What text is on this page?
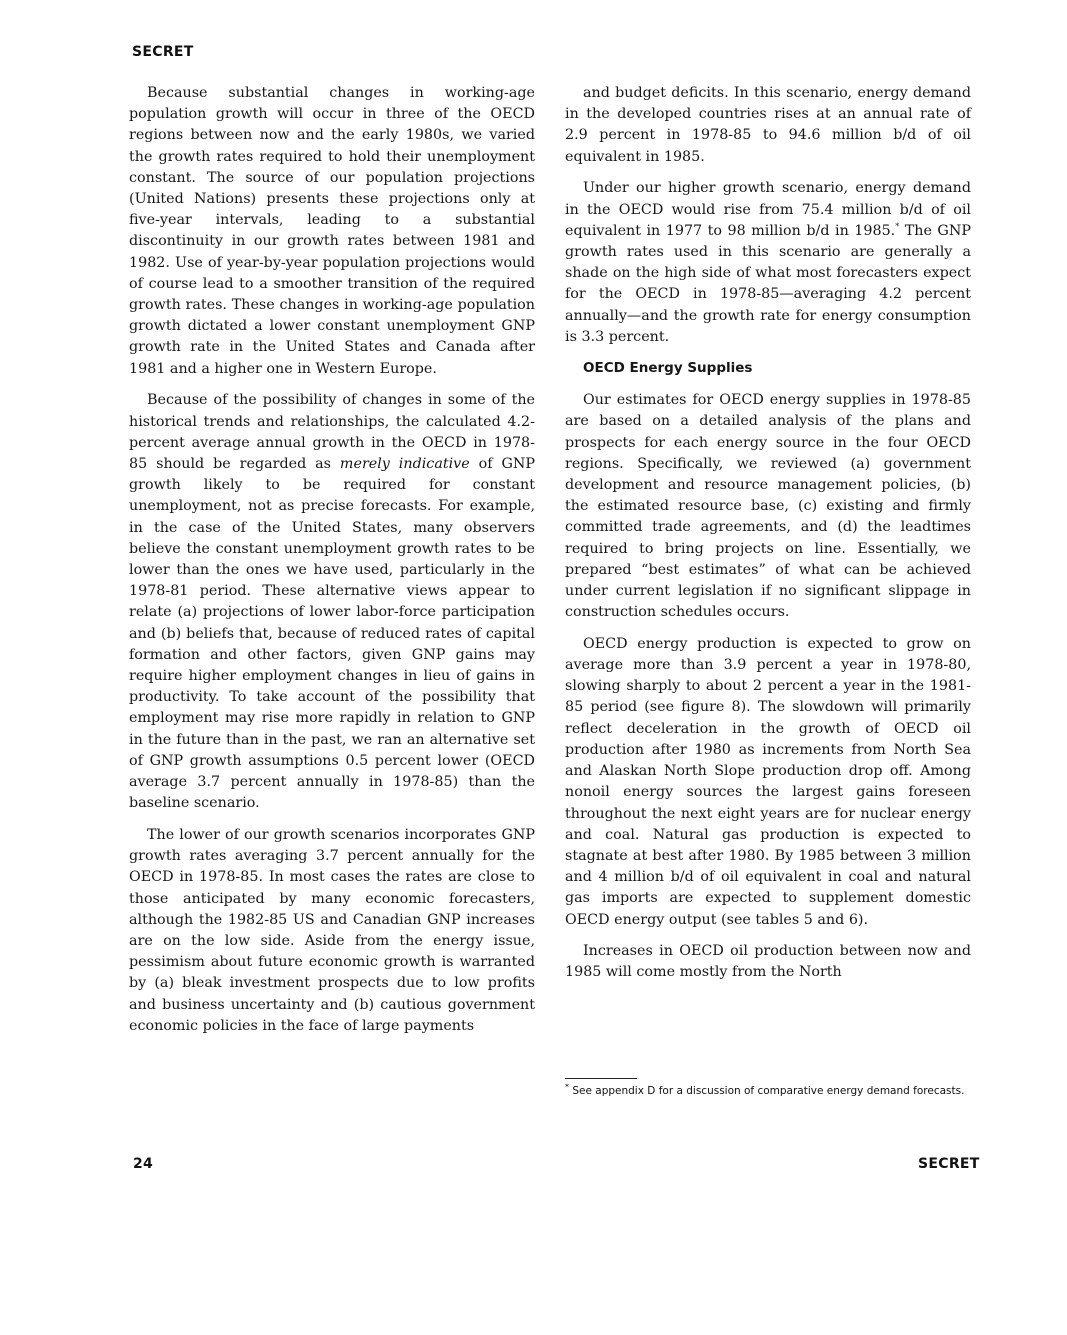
SECRET

Because substantial changes in working-age population growth will occur in three of the OECD regions between now and the early 1980s, we varied the growth rates required to hold their unemployment constant. The source of our population projections (United Nations) presents these projections only at five-year intervals, leading to a substantial discontinuity in our growth rates between 1981 and 1982. Use of year-by-year population projections would of course lead to a smoother transition of the required growth rates. These changes in working-age population growth dictated a lower constant unemployment GNP growth rate in the United States and Canada after 1981 and a higher one in Western Europe.

Because of the possibility of changes in some of the historical trends and relationships, the calculated 4.2-percent average annual growth in the OECD in 1978-85 should be regarded as merely indicative of GNP growth likely to be required for constant unemployment, not as precise forecasts. For example, in the case of the United States, many observers believe the constant unemployment growth rates to be lower than the ones we have used, particularly in the 1978-81 period. These alternative views appear to relate (a) projections of lower labor-force participation and (b) beliefs that, because of reduced rates of capital formation and other factors, given GNP gains may require higher employment changes in lieu of gains in productivity. To take account of the possibility that employment may rise more rapidly in relation to GNP in the future than in the past, we ran an alternative set of GNP growth assumptions 0.5 percent lower (OECD average 3.7 percent annually in 1978-85) than the baseline scenario.

The lower of our growth scenarios incorporates GNP growth rates averaging 3.7 percent annually for the OECD in 1978-85. In most cases the rates are close to those anticipated by many economic forecasters, although the 1982-85 US and Canadian GNP increases are on the low side. Aside from the energy issue, pessimism about future economic growth is warranted by (a) bleak investment prospects due to low profits and business uncertainty and (b) cautious government economic policies in the face of large payments

and budget deficits. In this scenario, energy demand in the developed countries rises at an annual rate of 2.9 percent in 1978-85 to 94.6 million b/d of oil equivalent in 1985.

Under our higher growth scenario, energy demand in the OECD would rise from 75.4 million b/d of oil equivalent in 1977 to 98 million b/d in 1985.* The GNP growth rates used in this scenario are generally a shade on the high side of what most forecasters expect for the OECD in 1978-85—averaging 4.2 percent annually—and the growth rate for energy consumption is 3.3 percent.

OECD Energy Supplies

Our estimates for OECD energy supplies in 1978-85 are based on a detailed analysis of the plans and prospects for each energy source in the four OECD regions. Specifically, we reviewed (a) government development and resource management policies, (b) the estimated resource base, (c) existing and firmly committed trade agreements, and (d) the leadtimes required to bring projects on line. Essentially, we prepared “best estimates” of what can be achieved under current legislation if no significant slippage in construction schedules occurs.

OECD energy production is expected to grow on average more than 3.9 percent a year in 1978-80, slowing sharply to about 2 percent a year in the 1981-85 period (see figure 8). The slowdown will primarily reflect deceleration in the growth of OECD oil production after 1980 as increments from North Sea and Alaskan North Slope production drop off. Among nonoil energy sources the largest gains foreseen throughout the next eight years are for nuclear energy and coal. Natural gas production is expected to stagnate at best after 1980. By 1985 between 3 million and 4 million b/d of oil equivalent in coal and natural gas imports are expected to supplement domestic OECD energy output (see tables 5 and 6).

Increases in OECD oil production between now and 1985 will come mostly from the North

* See appendix D for a discussion of comparative energy demand forecasts.
24	SECRET
